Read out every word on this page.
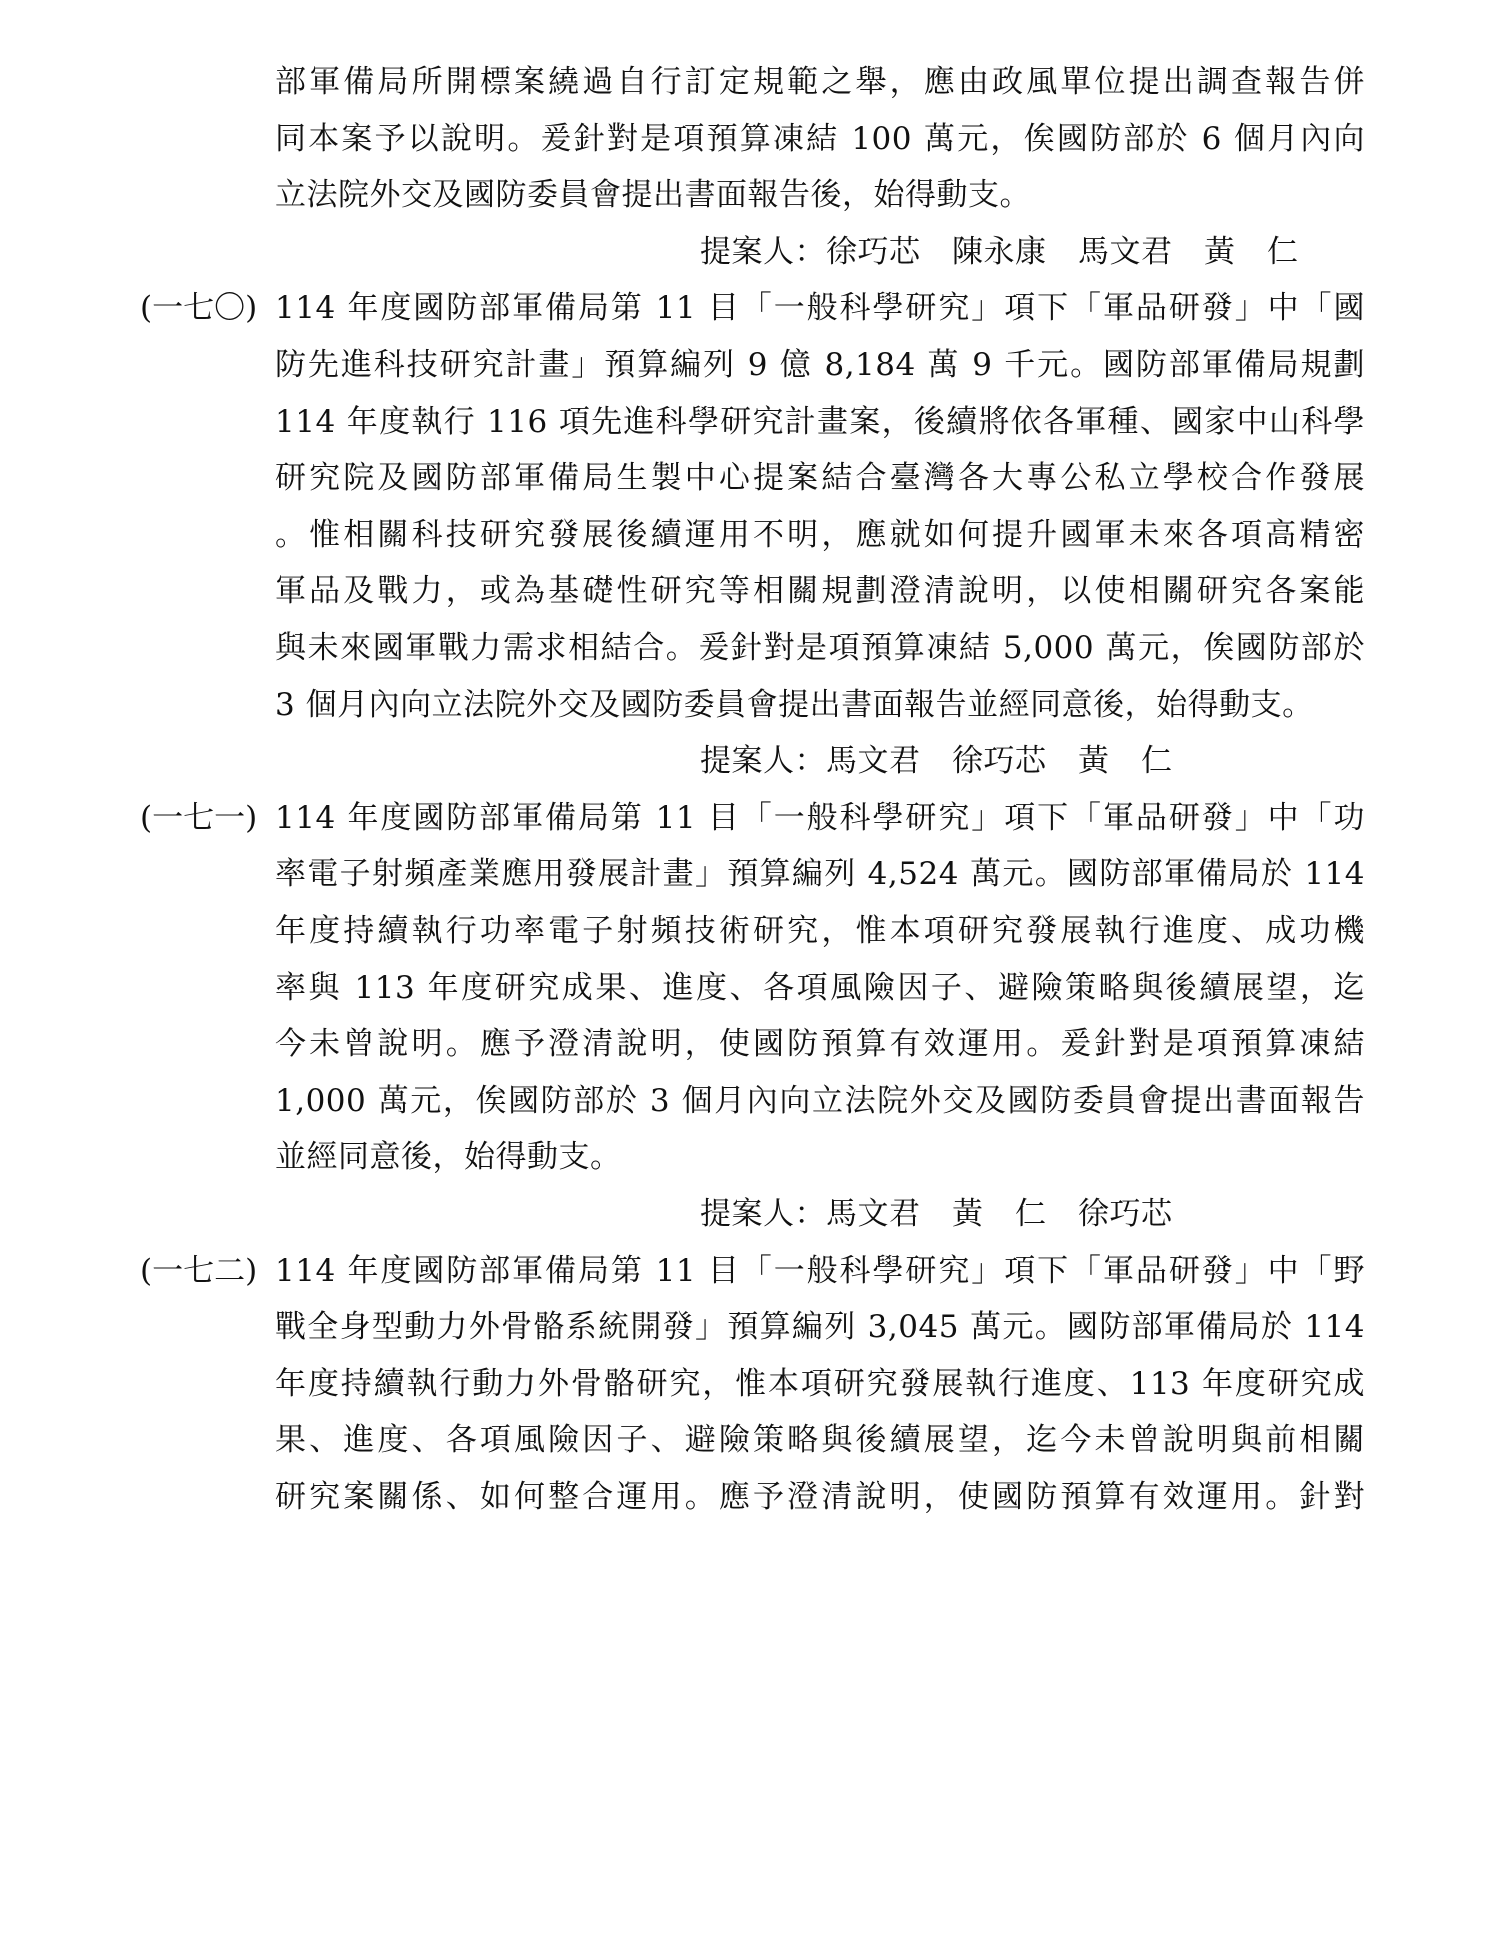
部軍備局所開標案繞過自行訂定規範之舉，應由政風單位提出調查報告併
同本案予以說明。爰針對是項預算凍結 100 萬元，俟國防部於 6 個月內向
立法院外交及國防委員會提出書面報告後，始得動支。
提案人：徐巧芯　陳永康　馬文君　黃　仁
(一七〇) 114 年度國防部軍備局第 11 目「一般科學研究」項下「軍品研發」中「國
防先進科技研究計畫」預算編列 9 億 8,184 萬 9 千元。國防部軍備局規劃
114 年度執行 116 項先進科學研究計畫案，後續將依各軍種、國家中山科學
研究院及國防部軍備局生製中心提案結合臺灣各大專公私立學校合作發展
。惟相關科技研究發展後續運用不明，應就如何提升國軍未來各項高精密
軍品及戰力，或為基礎性研究等相關規劃澄清說明，以使相關研究各案能
與未來國軍戰力需求相結合。爰針對是項預算凍結 5,000 萬元，俟國防部於
3 個月內向立法院外交及國防委員會提出書面報告並經同意後，始得動支。
提案人：馬文君　徐巧芯　黃　仁
(一七一) 114 年度國防部軍備局第 11 目「一般科學研究」項下「軍品研發」中「功
率電子射頻產業應用發展計畫」預算編列 4,524 萬元。國防部軍備局於 114
年度持續執行功率電子射頻技術研究，惟本項研究發展執行進度、成功機
率與 113 年度研究成果、進度、各項風險因子、避險策略與後續展望，迄
今未曾說明。應予澄清說明，使國防預算有效運用。爰針對是項預算凍結
1,000 萬元，俟國防部於 3 個月內向立法院外交及國防委員會提出書面報告
並經同意後，始得動支。
提案人：馬文君　黃　仁　徐巧芯
(一七二) 114 年度國防部軍備局第 11 目「一般科學研究」項下「軍品研發」中「野
戰全身型動力外骨骼系統開發」預算編列 3,045 萬元。國防部軍備局於 114
年度持續執行動力外骨骼研究，惟本項研究發展執行進度、113 年度研究成
果、進度、各項風險因子、避險策略與後續展望，迄今未曾說明與前相關
研究案關係、如何整合運用。應予澄清說明，使國防預算有效運用。針對
